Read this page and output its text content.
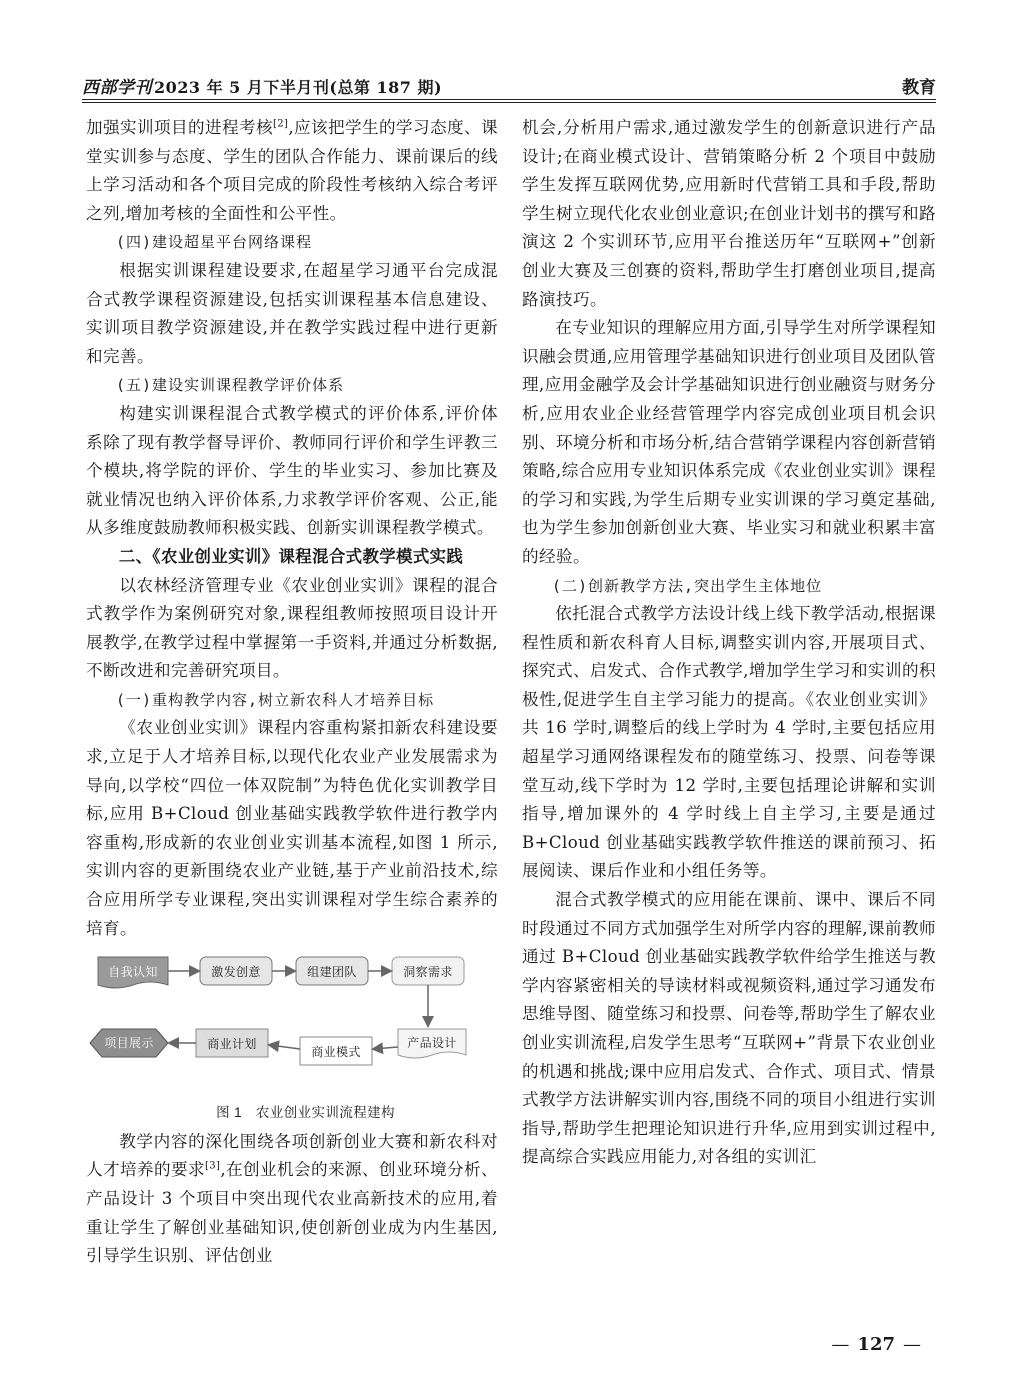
西部学刊 2023 年 5 月下半月刊(总第 187 期)	教育

加强实训项目的进程考核[2],应该把学生的学习态度、课堂实训参与态度、学生的团队合作能力、课前课后的线上学习活动和各个项目完成的阶段性考核纳入综合考评之列,增加考核的全面性和公平性。

(四)建设超星平台网络课程

根据实训课程建设要求,在超星学习通平台完成混合式教学课程资源建设,包括实训课程基本信息建设、实训项目教学资源建设,并在教学实践过程中进行更新和完善。

(五)建设实训课程教学评价体系

构建实训课程混合式教学模式的评价体系,评价体系除了现有教学督导评价、教师同行评价和学生评教三个模块,将学院的评价、学生的毕业实习、参加比赛及就业情况也纳入评价体系,力求教学评价客观、公正,能从多维度鼓励教师积极实践、创新实训课程教学模式。

二、《农业创业实训》课程混合式教学模式实践

以农林经济管理专业《农业创业实训》课程的混合式教学作为案例研究对象,课程组教师按照项目设计开展教学,在教学过程中掌握第一手资料,并通过分析数据,不断改进和完善研究项目。

(一)重构教学内容,树立新农科人才培养目标

《农业创业实训》课程内容重构紧扣新农科建设要求,立足于人才培养目标,以现代化农业产业发展需求为导向,以学校“四位一体双院制”为特色优化实训教学目标,应用 B+Cloud 创业基础实践教学软件进行教学内容重构,形成新的农业创业实训基本流程,如图 1 所示,实训内容的更新围绕农业产业链,基于产业前沿技术,综合应用所学专业课程,突出实训课程对学生综合素养的培育。

自我认知	激发创意	组建团队	洞察需求
产品设计
商业模式
商业计划
项目展示

图 1　农业创业实训流程建构

教学内容的深化围绕各项创新创业大赛和新农科对人才培养的要求[3],在创业机会的来源、创业环境分析、产品设计 3 个项目中突出现代农业高新技术的应用,着重让学生了解创业基础知识,使创新创业成为内生基因,引导学生识别、评估创业

机会,分析用户需求,通过激发学生的创新意识进行产品设计;在商业模式设计、营销策略分析 2 个项目中鼓励学生发挥互联网优势,应用新时代营销工具和手段,帮助学生树立现代化农业创业意识;在创业计划书的撰写和路演这 2 个实训环节,应用平台推送历年“互联网+”创新创业大赛及三创赛的资料,帮助学生打磨创业项目,提高路演技巧。

在专业知识的理解应用方面,引导学生对所学课程知识融会贯通,应用管理学基础知识进行创业项目及团队管理,应用金融学及会计学基础知识进行创业融资与财务分析,应用农业企业经营管理学内容完成创业项目机会识别、环境分析和市场分析,结合营销学课程内容创新营销策略,综合应用专业知识体系完成《农业创业实训》课程的学习和实践,为学生后期专业实训课的学习奠定基础,也为学生参加创新创业大赛、毕业实习和就业积累丰富的经验。

(二)创新教学方法,突出学生主体地位

依托混合式教学方法设计线上线下教学活动,根据课程性质和新农科育人目标,调整实训内容,开展项目式、探究式、启发式、合作式教学,增加学生学习和实训的积极性,促进学生自主学习能力的提高。《农业创业实训》共 16 学时,调整后的线上学时为 4 学时,主要包括应用超星学习通网络课程发布的随堂练习、投票、问卷等课堂互动,线下学时为 12 学时,主要包括理论讲解和实训指导,增加课外的 4 学时线上自主学习,主要是通过 B+Cloud 创业基础实践教学软件推送的课前预习、拓展阅读、课后作业和小组任务等。

混合式教学模式的应用能在课前、课中、课后不同时段通过不同方式加强学生对所学内容的理解,课前教师通过 B+Cloud 创业基础实践教学软件给学生推送与教学内容紧密相关的导读材料或视频资料,通过学习通发布思维导图、随堂练习和投票、问卷等,帮助学生了解农业创业实训流程,启发学生思考“互联网+”背景下农业创业的机遇和挑战;课中应用启发式、合作式、项目式、情景式教学方法讲解实训内容,围绕不同的项目小组进行实训指导,帮助学生把理论知识进行升华,应用到实训过程中,提高综合实践应用能力,对各组的实训汇

— 127 —
